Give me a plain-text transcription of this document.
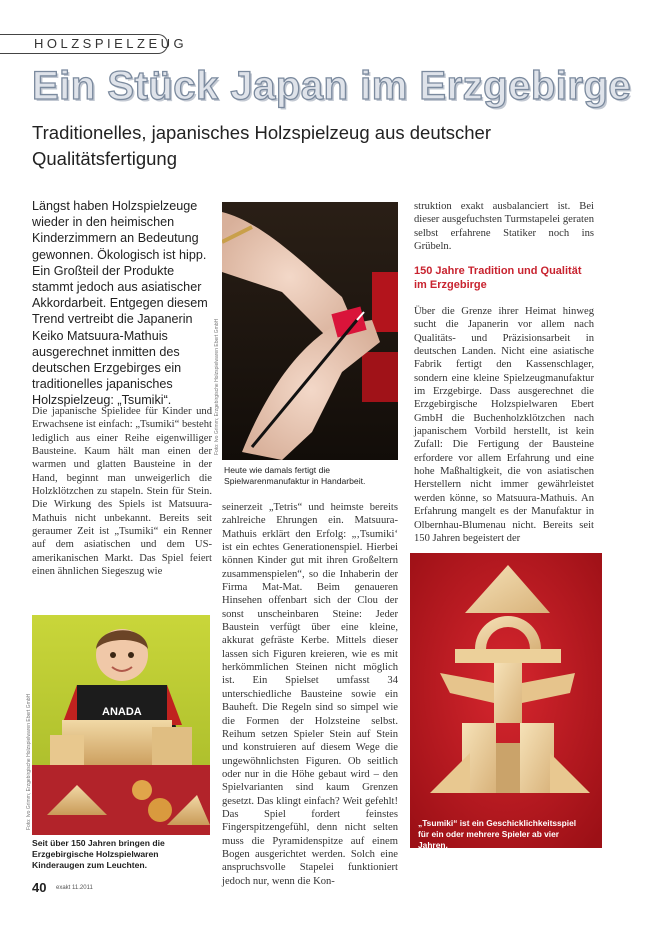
HOLZSPIELZEUG
Ein Stück Japan im Erzgebirge
Traditionelles, japanisches Holzspielzeug aus deutscher Qualitätsfertigung
Längst haben Holzspielzeuge wieder in den heimischen Kinderzimmern an Bedeutung gewonnen. Ökologisch ist hipp. Ein Großteil der Produkte stammt jedoch aus asiatischer Akkordarbeit. Entgegen diesem Trend vertreibt die Japanerin Keiko Matsuura-Mathuis ausgerechnet inmitten des deutschen Erzgebirges ein traditionelles japanisches Holzspielzeug: „Tsumiki“.
Die japanische Spielidee für Kinder und Erwachsene ist einfach: „Tsumiki“ besteht lediglich aus einer Reihe eigenwilliger Bausteine. Kaum hält man einen der warmen und glatten Bausteine in der Hand, beginnt man unweigerlich die Holzklötzchen zu stapeln. Stein für Stein. Die Wirkung des Spiels ist Matsuura-Mathuis nicht unbekannt. Bereits seit geraumer Zeit ist „Tsumiki“ ein Renner auf dem asiatischen und dem US-amerikanischen Markt. Das Spiel feiert einen ähnlichen Siegeszug wie
Foto: Ivo Grimm; Erzgebirgische Holzspielwaren Ebert GmbH
Heute wie damals fertigt die Spielwarenmanufaktur in Handarbeit.
seinerzeit „Tetris“ und heimste bereits zahlreiche Ehrungen ein. Matsuura-Mathuis erklärt den Erfolg: „‚Tsumiki‘ ist ein echtes Generationenspiel. Hierbei können Kinder gut mit ihren Großeltern zusammenspielen“, so die Inhaberin der Firma Mat-Mat. Beim genaueren Hinsehen offenbart sich der Clou der sonst unscheinbaren Steine: Jeder Baustein verfügt über eine kleine, akkurat gefräste Kerbe. Mittels dieser lassen sich Figuren kreieren, wie es mit herkömmlichen Steinen nicht möglich ist. Ein Spielset umfasst 34 unterschiedliche Bausteine sowie ein Bauheft. Die Regeln sind so simpel wie die Formen der Holzsteine selbst. Reihum setzen Spieler Stein auf Stein und konstruieren auf diesem Wege die ungewöhnlichsten Figuren. Ob seitlich oder nur in die Höhe gebaut wird – den Spielvarianten sind kaum Grenzen gesetzt. Das klingt einfach? Weit gefehlt! Das Spiel fordert feinstes Fingerspitzengefühl, denn nicht selten muss die Pyramidenspitze auf einem Bogen ausgerichtet werden. Solch eine anspruchsvolle Stapelei funktioniert jedoch nur, wenn die Kon-
ANADA
Foto: Ivo Grimm; Erzgebirgische Holzspielwaren Ebert GmbH
Seit über 150 Jahren bringen die Erzgebirgische Holzspielwaren Kinderaugen zum Leuchten.
struktion exakt ausbalanciert ist. Bei dieser ausgefuchsten Turmstapelei geraten selbst erfahrene Statiker noch ins Grübeln.
150 Jahre Tradition und Qualität im Erzgebirge
Über die Grenze ihrer Heimat hinweg sucht die Japanerin vor allem nach Qualitäts- und Präzisionsarbeit in deutschen Landen. Nicht eine asiatische Fabrik fertigt den Kassenschlager, sondern eine kleine Spielzeugmanufaktur im Erzgebirge. Dass ausgerechnet die Erzgebirgische Holzspielwaren Ebert GmbH die Buchenholzklötzchen nach japanischem Vorbild herstellt, ist kein Zufall: Die Fertigung der Bausteine erfordere vor allem Erfahrung und eine hohe Maßhaltigkeit, die von asiatischen Herstellern nicht immer gewährleistet werden könne, so Matsuura-Mathuis. An Erfahrung mangelt es der Manufaktur in Olbernhau-Blumenau nicht. Bereits seit 150 Jahren begeistert der
„Tsumiki“ ist ein Geschicklichkeitsspiel für ein oder mehrere Spieler ab vier Jahren.
40 exakt 11.2011
